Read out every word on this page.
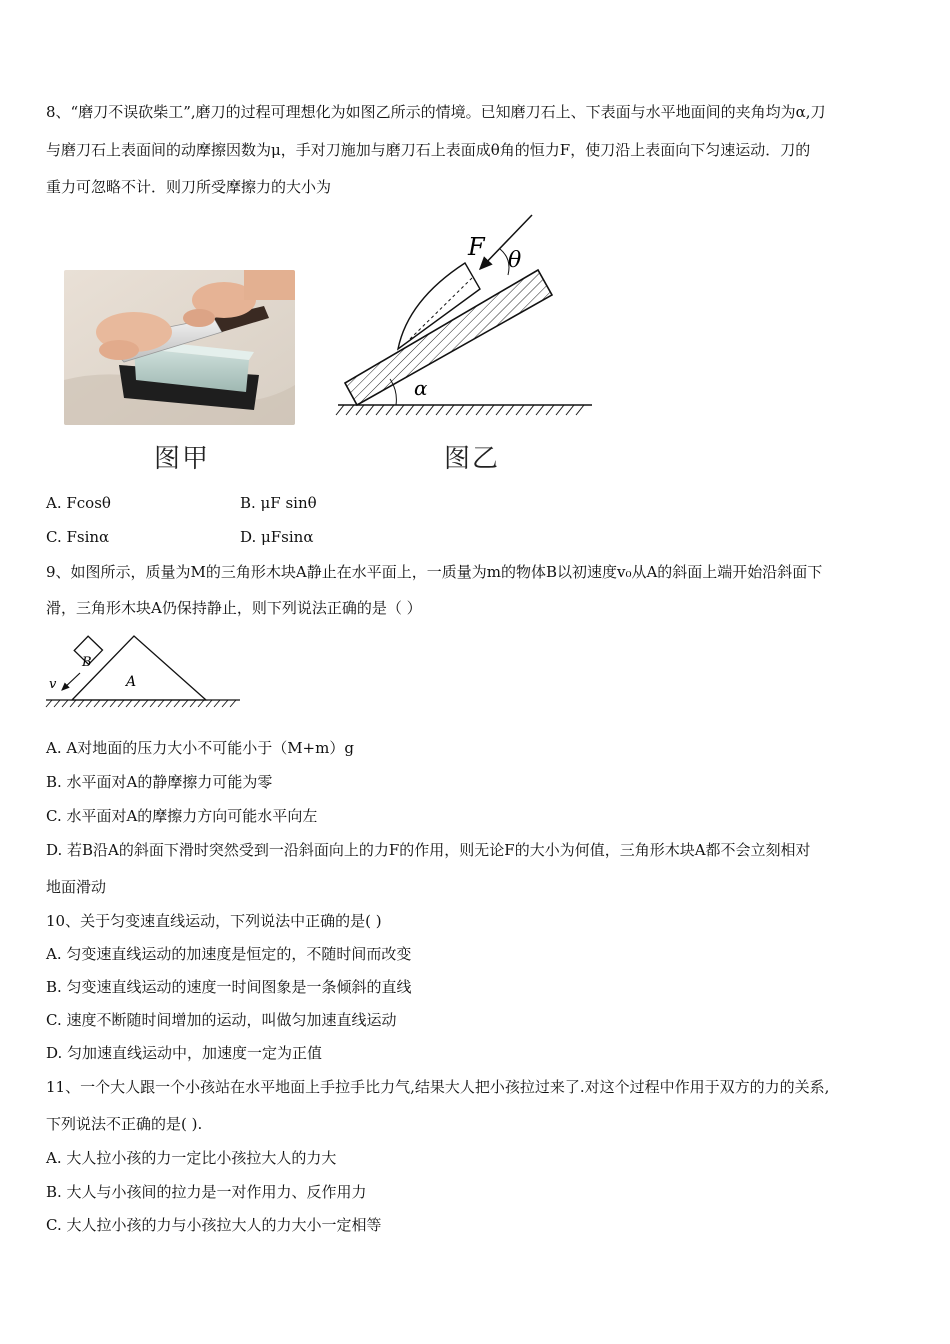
8、“磨刀不误砍柴工”,磨刀的过程可理想化为如图乙所示的情境。已知磨刀石上、下表面与水平地面间的夹角均为α,刀
与磨刀石上表面间的动摩擦因数为μ，手对刀施加与磨刀石上表面成θ角的恒力F，使刀沿上表面向下匀速运动．刀的
重力可忽略不计．则刀所受摩擦力的大小为
图甲
F θ
α
图乙
A. Fcosθ	B. μF sinθ
C. Fsinα	D. μFsinα
9、如图所示，质量为M的三角形木块A静止在水平面上，一质量为m的物体B以初速度v₀从A的斜面上端开始沿斜面下
滑，三角形木块A仍保持静止，则下列说法正确的是（ ）
B
A
v
A. A对地面的压力大小不可能小于（M+m）g
B. 水平面对A的静摩擦力可能为零
C. 水平面对A的摩擦力方向可能水平向左
D. 若B沿A的斜面下滑时突然受到一沿斜面向上的力F的作用，则无论F的大小为何值，三角形木块A都不会立刻相对
地面滑动
10、关于匀变速直线运动，下列说法中正确的是( )
A. 匀变速直线运动的加速度是恒定的，不随时间而改变
B. 匀变速直线运动的速度一时间图象是一条倾斜的直线
C. 速度不断随时间增加的运动，叫做匀加速直线运动
D. 匀加速直线运动中，加速度一定为正值
11、一个大人跟一个小孩站在水平地面上手拉手比力气,结果大人把小孩拉过来了.对这个过程中作用于双方的力的关系,
下列说法不正确的是( ).
A. 大人拉小孩的力一定比小孩拉大人的力大
B. 大人与小孩间的拉力是一对作用力、反作用力
C. 大人拉小孩的力与小孩拉大人的力大小一定相等
